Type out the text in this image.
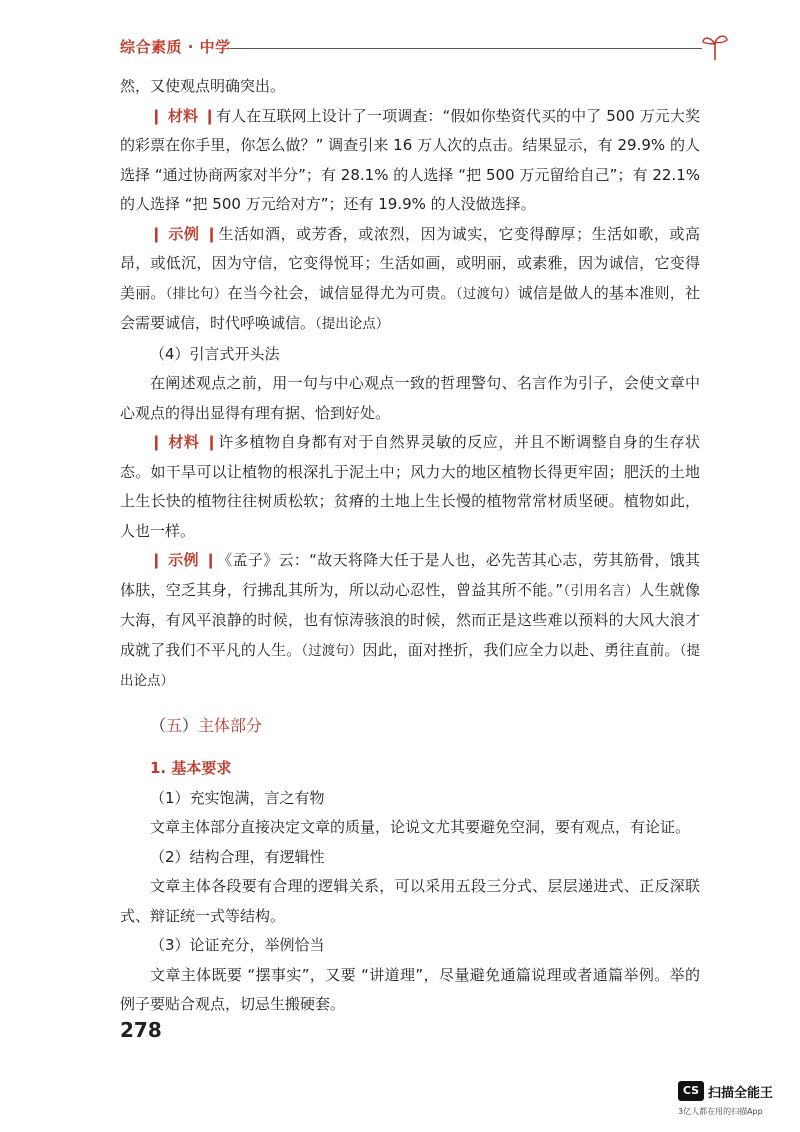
综合素质 · 中学

然，又使观点明确突出。

❙ 材料 ❙有人在互联网上设计了一项调查：“假如你垫资代买的中了 500 万元大奖的彩票在你手里，你怎么做？” 调查引来 16 万人次的点击。结果显示，有 29.9% 的人选择 “通过协商两家对半分”；有 28.1% 的人选择 “把 500 万元留给自己”；有 22.1% 的人选择 “把 500 万元给对方”；还有 19.9% 的人没做选择。

❙ 示例 ❙生活如酒，或芳香，或浓烈，因为诚实，它变得醇厚；生活如歌，或高昂，或低沉，因为守信，它变得悦耳；生活如画，或明丽，或素雅，因为诚信，它变得美丽。（排比句）在当今社会，诚信显得尤为可贵。（过渡句）诚信是做人的基本准则，社会需要诚信，时代呼唤诚信。（提出论点）

（4）引言式开头法

在阐述观点之前，用一句与中心观点一致的哲理警句、名言作为引子，会使文章中心观点的得出显得有理有据、恰到好处。

❙ 材料 ❙许多植物自身都有对于自然界灵敏的反应，并且不断调整自身的生存状态。如干旱可以让植物的根深扎于泥土中；风力大的地区植物长得更牢固；肥沃的土地上生长快的植物往往树质松软；贫瘠的土地上生长慢的植物常常材质坚硬。植物如此，人也一样。

❙ 示例 ❙《孟子》云：“故天将降大任于是人也，必先苦其心志，劳其筋骨，饿其体肤，空乏其身，行拂乱其所为，所以动心忍性，曾益其所不能。”（引用名言）人生就像大海，有风平浪静的时候，也有惊涛骇浪的时候，然而正是这些难以预料的大风大浪才成就了我们不平凡的人生。（过渡句）因此，面对挫折，我们应全力以赴、勇往直前。（提出论点）

（五）主体部分

1. 基本要求

（1）充实饱满，言之有物

文章主体部分直接决定文章的质量，论说文尤其要避免空洞，要有观点，有论证。

（2）结构合理，有逻辑性

文章主体各段要有合理的逻辑关系，可以采用五段三分式、层层递进式、正反深联式、辩证统一式等结构。

（3）论证充分，举例恰当

文章主体既要 “摆事实”，又要 “讲道理”，尽量避免通篇说理或者通篇举例。举的例子要贴合观点，切忌生搬硬套。

278
CS 扫描全能王
3亿人都在用的扫描App
